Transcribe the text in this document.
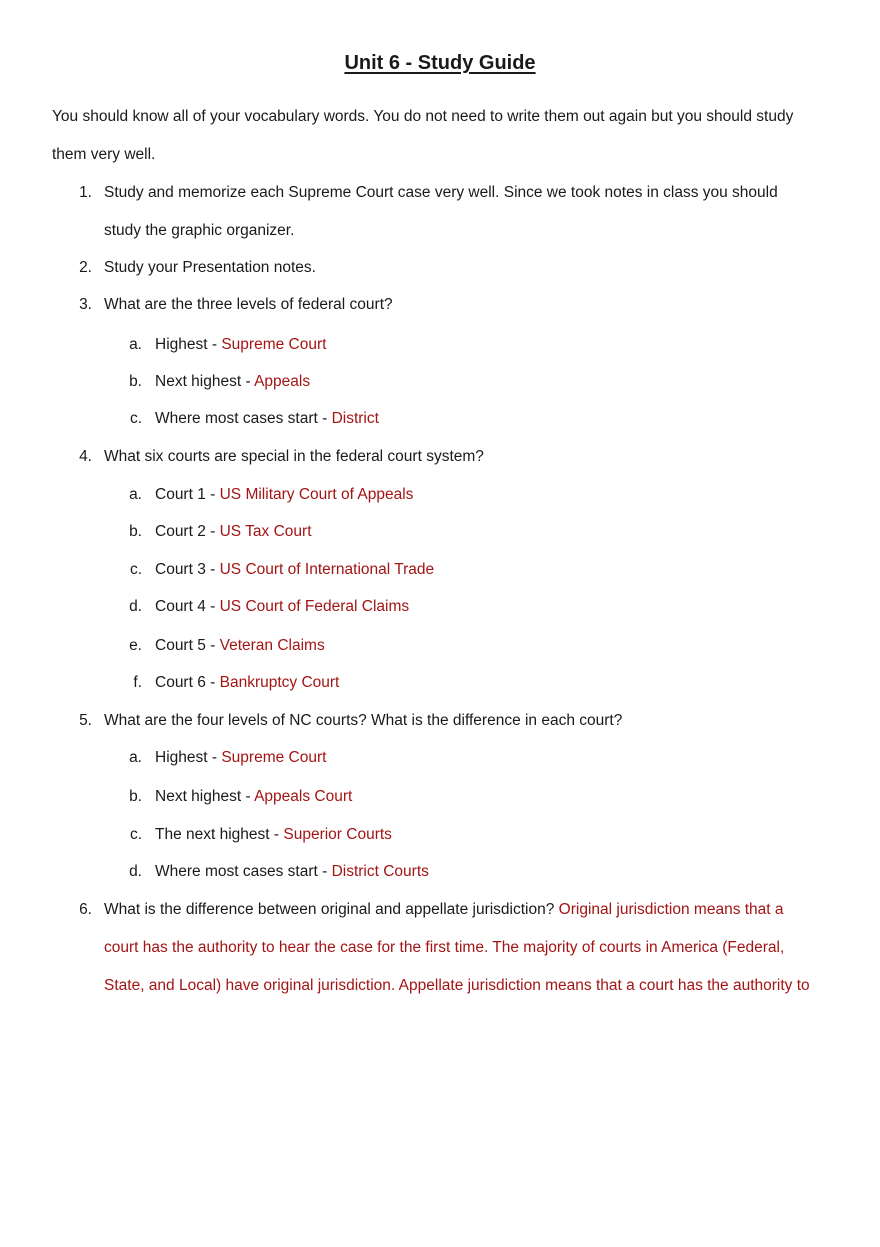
Unit 6 - Study Guide

You should know all of your vocabulary words. You do not need to write them out again but you should study

them very well.

1. Study and memorize each Supreme Court case very well. Since we took notes in class you should

study the graphic organizer.

2. Study your Presentation notes.

3. What are the three levels of federal court?

a. Highest - Supreme Court

b. Next highest - Appeals

c. Where most cases start - District

4. What six courts are special in the federal court system?

a. Court 1 - US Military Court of Appeals

b. Court 2 - US Tax Court

c. Court 3 - US Court of International Trade

d. Court 4 - US Court of Federal Claims

e. Court 5 - Veteran Claims

f. Court 6 - Bankruptcy Court

5. What are the four levels of NC courts? What is the difference in each court?

a. Highest - Supreme Court

b. Next highest - Appeals Court

c. The next highest - Superior Courts

d. Where most cases start - District Courts

6. What is the difference between original and appellate jurisdiction? Original jurisdiction means that a

court has the authority to hear the case for the first time. The majority of courts in America (Federal,

State, and Local) have original jurisdiction. Appellate jurisdiction means that a court has the authority to
